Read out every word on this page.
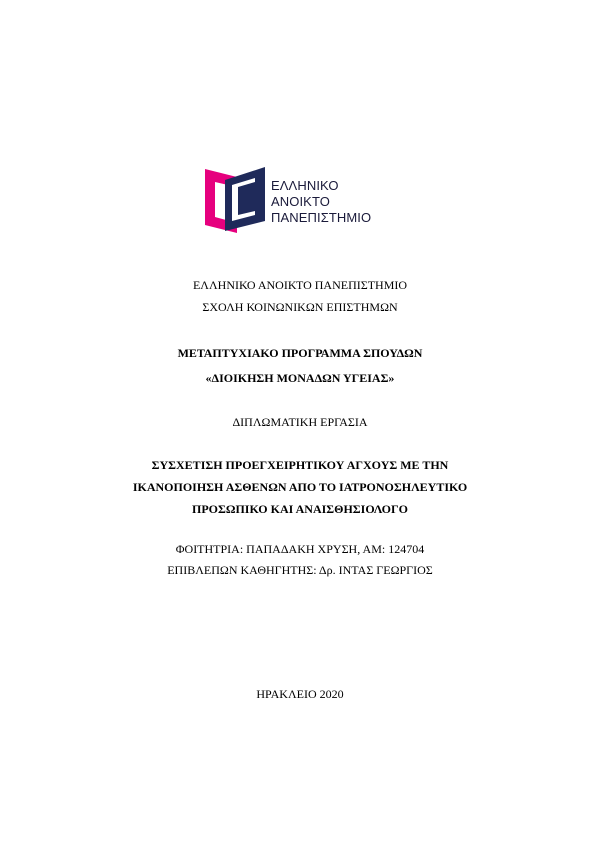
ΕΛΛΗΝΙΚΟ
ΑΝΟΙΚΤΟ
ΠΑΝΕΠΙΣΤΗΜΙΟ
ΕΛΛΗΝΙΚΟ ΑΝΟΙΚΤΟ ΠΑΝΕΠΙΣΤΗΜΙΟ
ΣΧΟΛΗ ΚΟΙΝΩΝΙΚΩΝ ΕΠΙΣΤΗΜΩΝ
ΜΕΤΑΠΤΥΧΙΑΚΟ ΠΡΟΓΡΑΜΜΑ ΣΠΟΥΔΩΝ
«ΔΙΟΙΚΗΣΗ ΜΟΝΑΔΩΝ ΥΓΕΙΑΣ»
ΔΙΠΛΩΜΑΤΙΚΗ ΕΡΓΑΣΙΑ
ΣΥΣΧΕΤΙΣΗ ΠΡΟΕΓΧΕΙΡΗΤΙΚΟΥ ΑΓΧΟΥΣ ΜΕ ΤΗΝ
ΙΚΑΝΟΠΟΙΗΣΗ ΑΣΘΕΝΩΝ ΑΠΟ ΤΟ ΙΑΤΡΟΝΟΣΗΛΕΥΤΙΚΟ
ΠΡΟΣΩΠΙΚΟ ΚΑΙ ΑΝΑΙΣΘΗΣΙΟΛΟΓΟ
ΦΟΙΤΗΤΡΙΑ: ΠΑΠΑΔΑΚΗ ΧΡΥΣΗ, ΑΜ: 124704
ΕΠΙΒΛΕΠΩΝ ΚΑΘΗΓΗΤΗΣ: Δρ. ΙΝΤΑΣ ΓΕΩΡΓΙΟΣ
ΗΡΑΚΛΕΙΟ 2020
